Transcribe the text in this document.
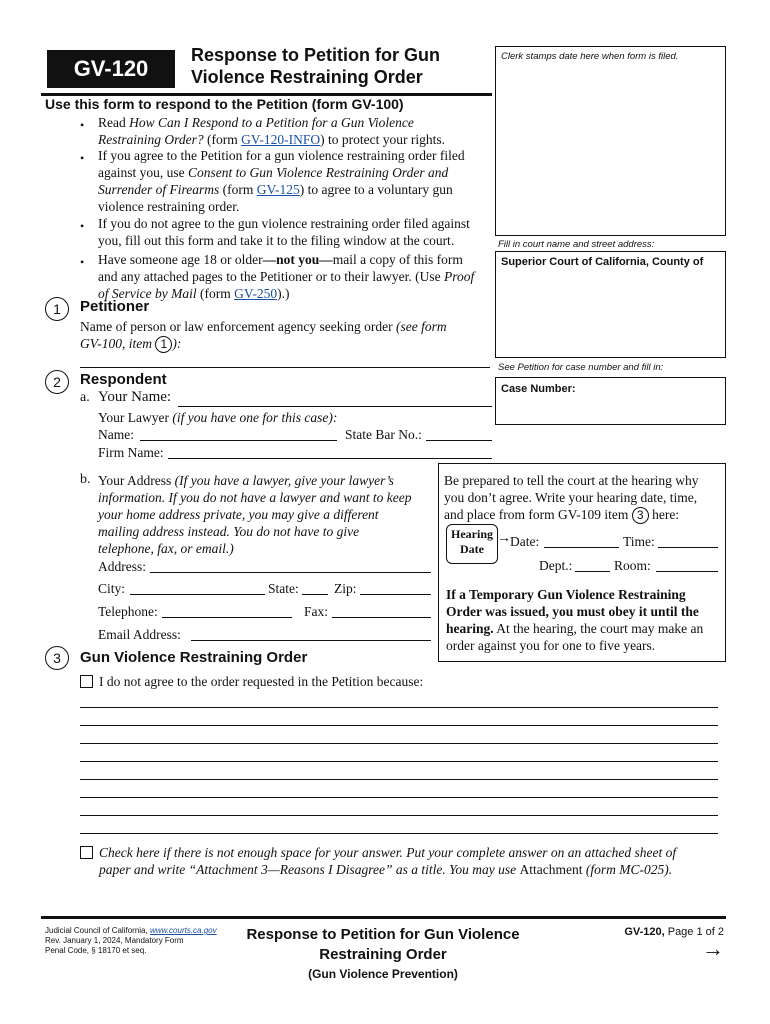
GV-120
Response to Petition for Gun
Violence Restraining Order
Use this form to respond to the Petition (form GV-100)
• Read How Can I Respond to a Petition for a Gun Violence
Restraining Order? (form GV-120-INFO) to protect your rights.
• If you agree to the Petition for a gun violence restraining order filed
against you, use Consent to Gun Violence Restraining Order and
Surrender of Firearms (form GV-125) to agree to a voluntary gun
violence restraining order.
• If you do not agree to the gun violence restraining order filed against
you, fill out this form and take it to the filing window at the court.
• Have someone age 18 or older—not you—mail a copy of this form
and any attached pages to the Petitioner or to their lawyer. (Use Proof
of Service by Mail (form GV-250).)
Clerk stamps date here when form is filed.
Fill in court name and street address:
Superior Court of California, County of
See Petition for case number and fill in:
Case Number:
1	Petitioner
Name of person or law enforcement agency seeking order (see form
GV-100, item 1 ):
2	Respondent
a. Your Name:
Your Lawyer (if you have one for this case):
Name:	State Bar No.:
Firm Name:
b. Your Address (If you have a lawyer, give your lawyer’s
information. If you do not have a lawyer and want to keep
your home address private, you may give a different
mailing address instead. You do not have to give
telephone, fax, or email.)
Address:
City:	State:	Zip:
Telephone:	Fax:
Email Address:
Be prepared to tell the court at the hearing why
you don’t agree. Write your hearing date, time,
and place from form GV-109 item 3 here:
Hearing
Date
→ Date:	Time:
Dept.:	Room:
If a Temporary Gun Violence Restraining
Order was issued, you must obey it until the
hearing. At the hearing, the court may make an
order against you for one to five years.
3	Gun Violence Restraining Order
I do not agree to the order requested in the Petition because:
Check here if there is not enough space for your answer. Put your complete answer on an attached sheet of
paper and write “Attachment 3—Reasons I Disagree” as a title. You may use Attachment (form MC-025).
Judicial Council of California, www.courts.ca.gov
Rev. January 1, 2024, Mandatory Form
Penal Code, § 18170 et seq.
Response to Petition for Gun Violence
Restraining Order
(Gun Violence Prevention)
GV-120, Page 1 of 2
→
